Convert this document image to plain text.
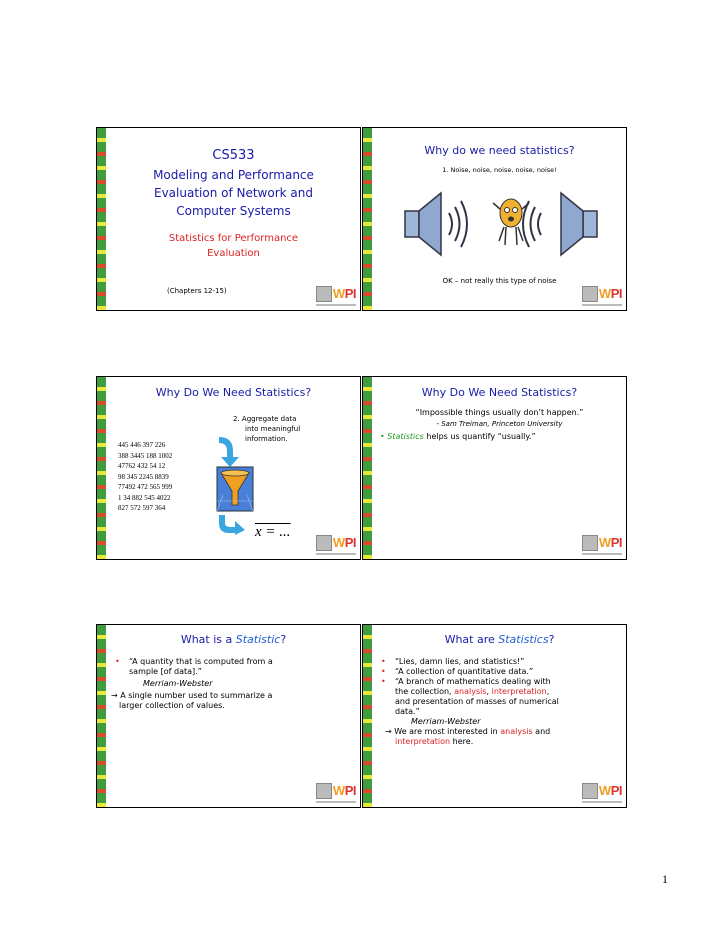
CS533
Modeling and Performance
Evaluation of Network and
Computer Systems
Statistics for Performance
Evaluation
(Chapters 12-15)	WPI
Why do we need statistics?
1. Noise, noise, noise, noise, noise!
OK – not really this type of noise
WPI
Why Do We Need Statistics?
2. Aggregate data
into meaningful
information.
445 446 397 226
388 3445 188 1002
47762 432 54 12
98 345 2245 8839
77492 472 565 999
1 34 882 545 4022
827 572 597 364
x = ...
WPI
Why Do We Need Statistics?
“Impossible things usually don’t happen.”
- Sam Treiman, Princeton University
• Statistics helps us quantify “usually.”
WPI
What is a Statistic?
• “A quantity that is computed from a
sample [of data].”
Merriam-Webster
→ A single number used to summarize a
larger collection of values.
WPI
What are Statistics?
• “Lies, damn lies, and statistics!”
• “A collection of quantitative data.”
• “A branch of mathematics dealing with
the collection, analysis, interpretation,
and presentation of masses of numerical
data.”
Merriam-Webster
→ We are most interested in analysis and
interpretation here.
WPI
1
